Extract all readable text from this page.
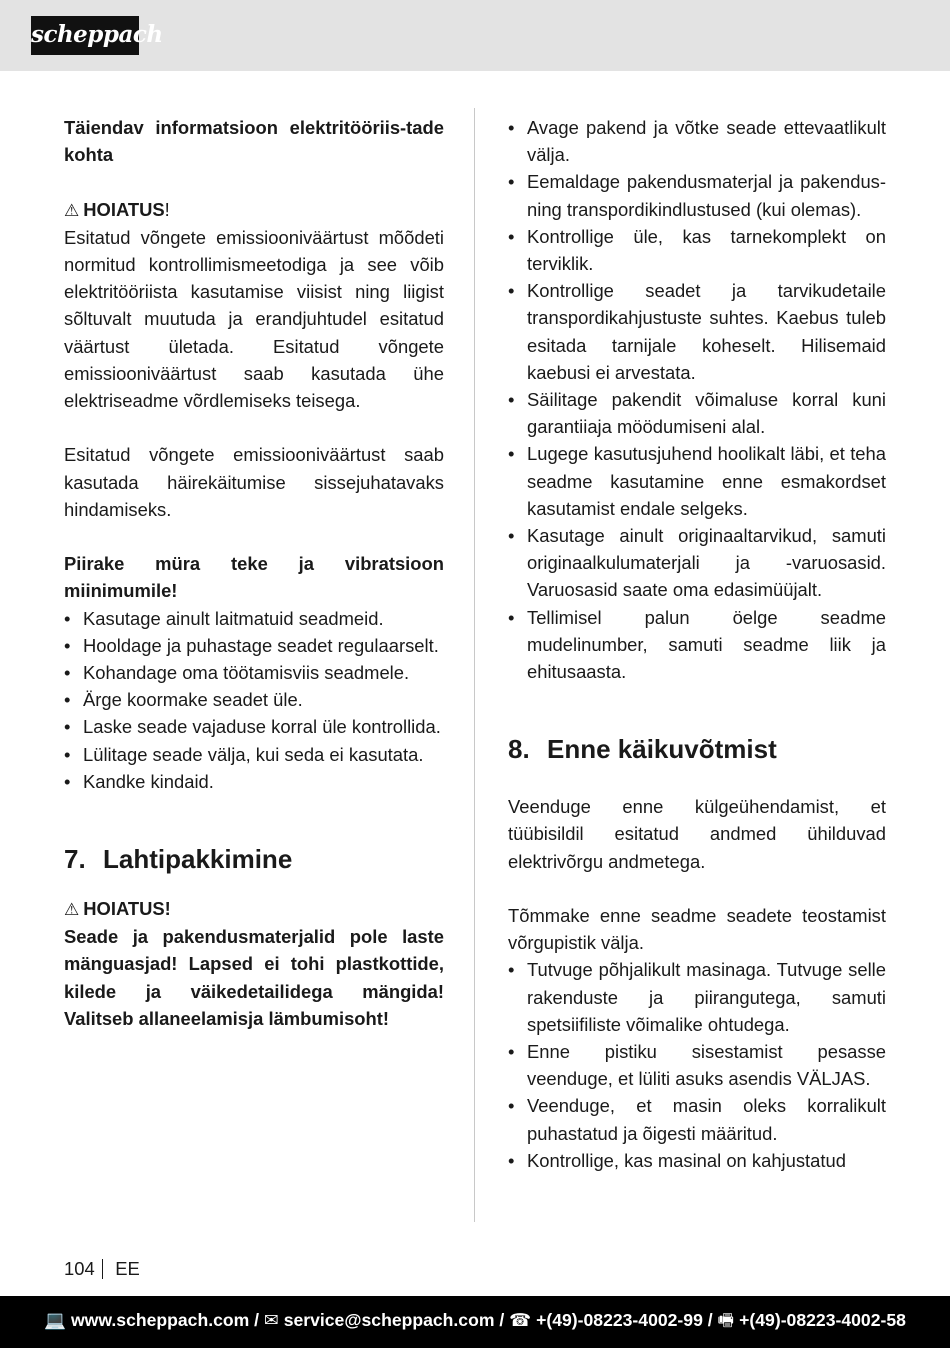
scheppach

Täiendav informatsioon elektritööriis-tade kohta

⚠ HOIATUS!

Esitatud võngete emissiooniväärtust mõõdeti normitud kontrollimismeetodiga ja see võib elektritööriista kasutamise viisist ning liigist sõltuvalt muutuda ja erandjuhtudel esitatud väärtust ületada. Esitatud võngete emissiooniväärtust saab kasutada ühe elektriseadme võrdlemiseks teisega.

Esitatud võngete emissiooniväärtust saab kasutada häirekäitumise sissejuhatavaks hindamiseks.

Piirake müra teke ja vibratsioon miinimumile!

• Kasutage ainult laitmatuid seadmeid.
• Hooldage ja puhastage seadet regulaarselt.
• Kohandage oma töötamisviis seadmele.
• Ärge koormake seadet üle.
• Laske seade vajaduse korral üle kontrollida.
• Lülitage seade välja, kui seda ei kasutata.
• Kandke kindaid.
7. Lahtipakkimine

⚠ HOIATUS!

Seade ja pakendusmaterjalid pole laste mänguasjad! Lapsed ei tohi plastkottide, kilede ja väikedetailidega mängida! Valitseb allaneelamisja lämbumisoht!

• Avage pakend ja võtke seade ettevaatlikult välja.
• Eemaldage pakendusmaterjal ja pakendus- ning transpordikindlustused (kui olemas).
• Kontrollige üle, kas tarnekomplekt on terviklik.
• Kontrollige seadet ja tarvikudetaile transpordikahjustuste suhtes. Kaebus tuleb esitada tarnijale koheselt. Hilisemaid kaebusi ei arvestata.
• Säilitage pakendit võimaluse korral kuni garantiiaja möödumiseni alal.
• Lugege kasutusjuhend hoolikalt läbi, et teha seadme kasutamine enne esmakordset kasutamist endale selgeks.
• Kasutage ainult originaaltarvikud, samuti originaalkulumaterjali ja -varuosasid. Varuosasid saate oma edasimüüjalt.
• Tellimisel palun öelge seadme mudelinumber, samuti seadme liik ja ehitusaasta.
8. Enne käikuvõtmist

Veenduge enne külgeühendamist, et tüübisildil esitatud andmed ühilduvad elektrivõrgu andmetega.

Tõmmake enne seadme seadete teostamist võrgupistik välja.

• Tutvuge põhjalikult masinaga. Tutvuge selle rakenduste ja piirangutega, samuti spetsiifiliste võimalike ohtudega.
• Enne pistiku sisestamist pesasse veenduge, et lüliti asuks asendis VÄLJAS.
• Veenduge, et masin oleks korralikult puhastatud ja õigesti määritud.
• Kontrollige, kas masinal on kahjustatud
104 EE
💻 www.scheppach.com / ✉ service@scheppach.com / ☎ +(49)-08223-4002-99 / 🖷 +(49)-08223-4002-58
